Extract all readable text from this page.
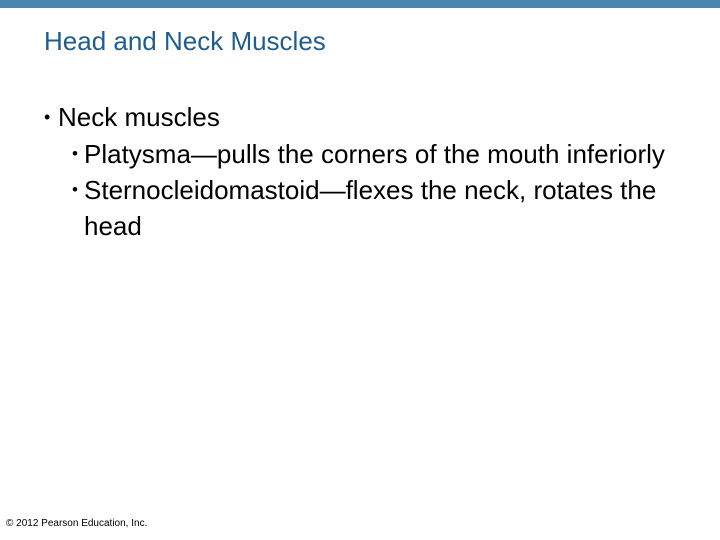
Head and Neck Muscles
• Neck muscles
• Platysma—pulls the corners of the mouth inferiorly
• Sternocleidomastoid—flexes the neck, rotates the head
© 2012 Pearson Education, Inc.
